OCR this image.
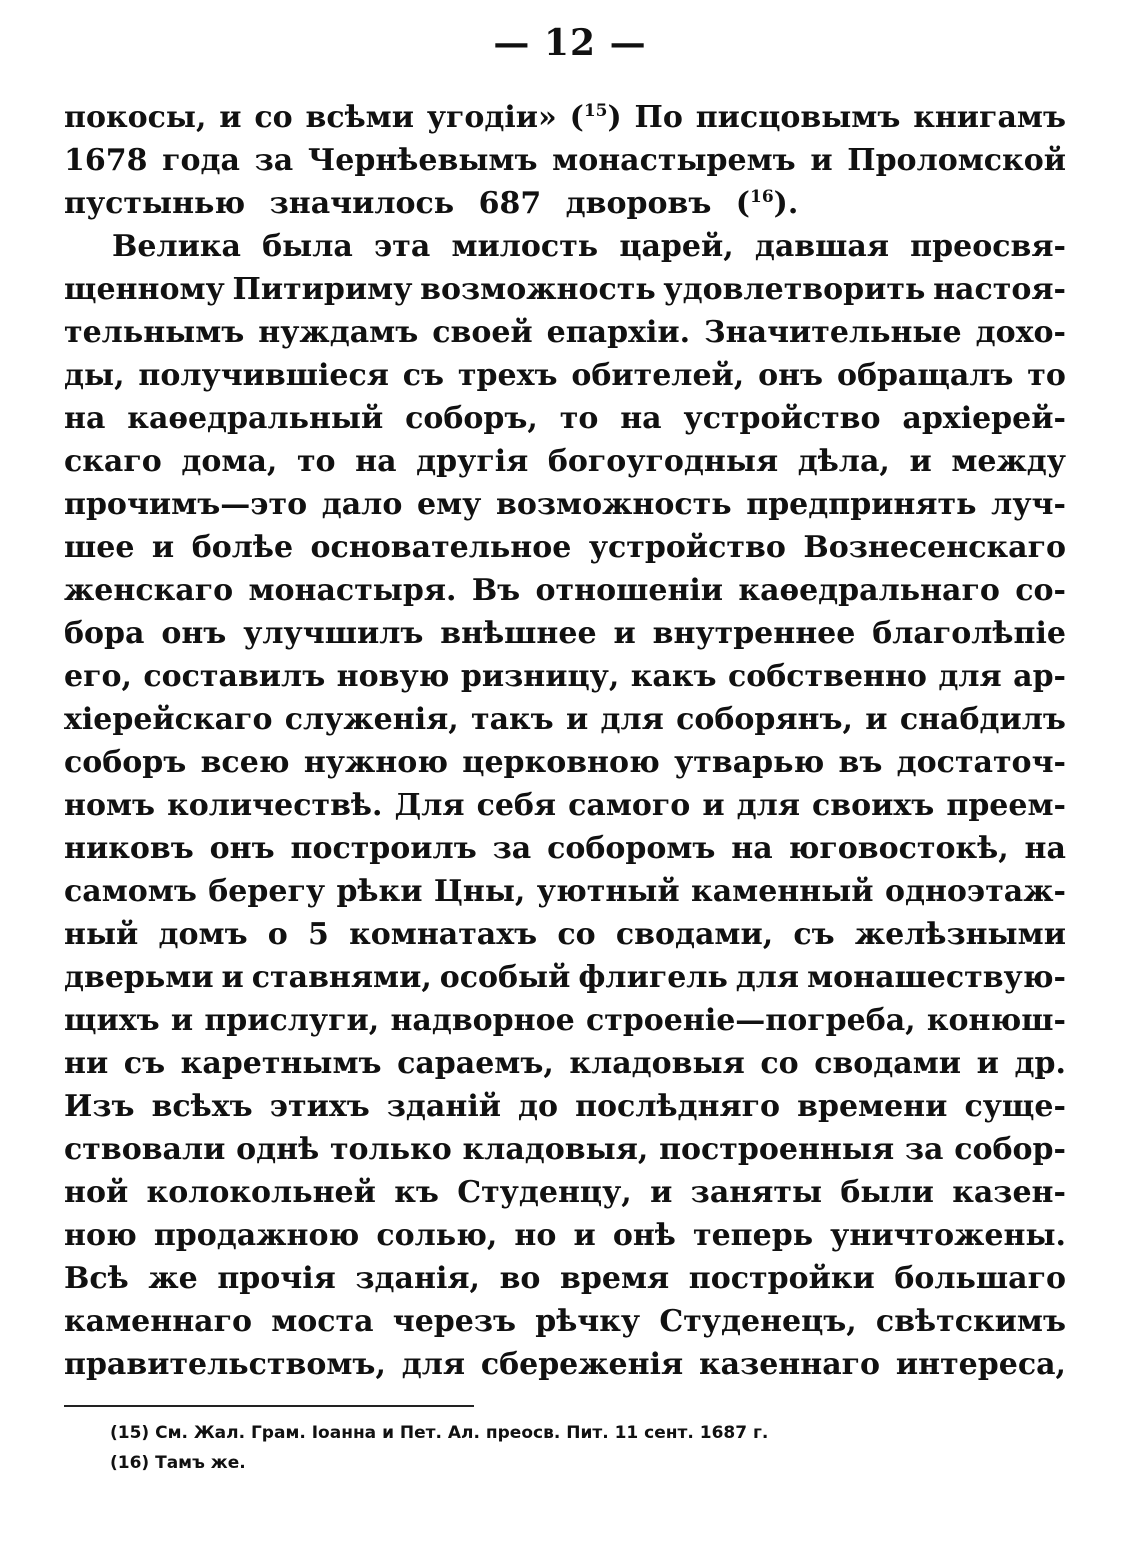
— 12 —
покосы, и со всѣми угодіи» ($^{15}$) По писцовымъ книгамъ
1678 года за Чернѣевымъ монастыремъ и Проломской
пустынью значилось 687 дворовъ ($^{16}$).
Велика была эта милость царей, давшая преосвя-
щенному Питириму возможность удовлетворить настоя-
тельнымъ нуждамъ своей епархіи. Значительные дохо-
ды, получившіеся съ трехъ обителей, онъ обращалъ то
на каѳедральный соборъ, то на устройство архіерей-
скаго дома, то на другія богоугодныя дѣла, и между
прочимъ—это дало ему возможность предпринять луч-
шее и болѣе основательное устройство Вознесенскаго
женскаго монастыря. Въ отношеніи каѳедральнаго со-
бора онъ улучшилъ внѣшнее и внутреннее благолѣпіе
его, составилъ новую ризницу, какъ собственно для ар-
хіерейскаго служенія, такъ и для соборянъ, и снабдилъ
соборъ всею нужною церковною утварью въ достаточ-
номъ количествѣ. Для себя самого и для своихъ преем-
никовъ онъ построилъ за соборомъ на юговостокѣ, на
самомъ берегу рѣки Цны, уютный каменный одноэтаж-
ный домъ о 5 комнатахъ со сводами, съ желѣзными
дверьми и ставнями, особый флигель для монашествую-
щихъ и прислуги, надворное строеніе—погреба, конюш-
ни съ каретнымъ сараемъ, кладовыя со сводами и др.
Изъ всѣхъ этихъ зданій до послѣдняго времени суще-
ствовали однѣ только кладовыя, построенныя за собор-
ной колокольней къ Студенцу, и заняты были казен-
ною продажною солью, но и онѣ теперь уничтожены.
Всѣ же прочія зданія, во время постройки большаго
каменнаго моста черезъ рѣчку Студенецъ, свѣтскимъ
правительствомъ, для сбереженія казеннаго интереса,
(15) См. Жал. Грам. Іоанна и Пет. Ал. преосв. Пит. 11 сент. 1687 г.
(16) Тамъ же.
